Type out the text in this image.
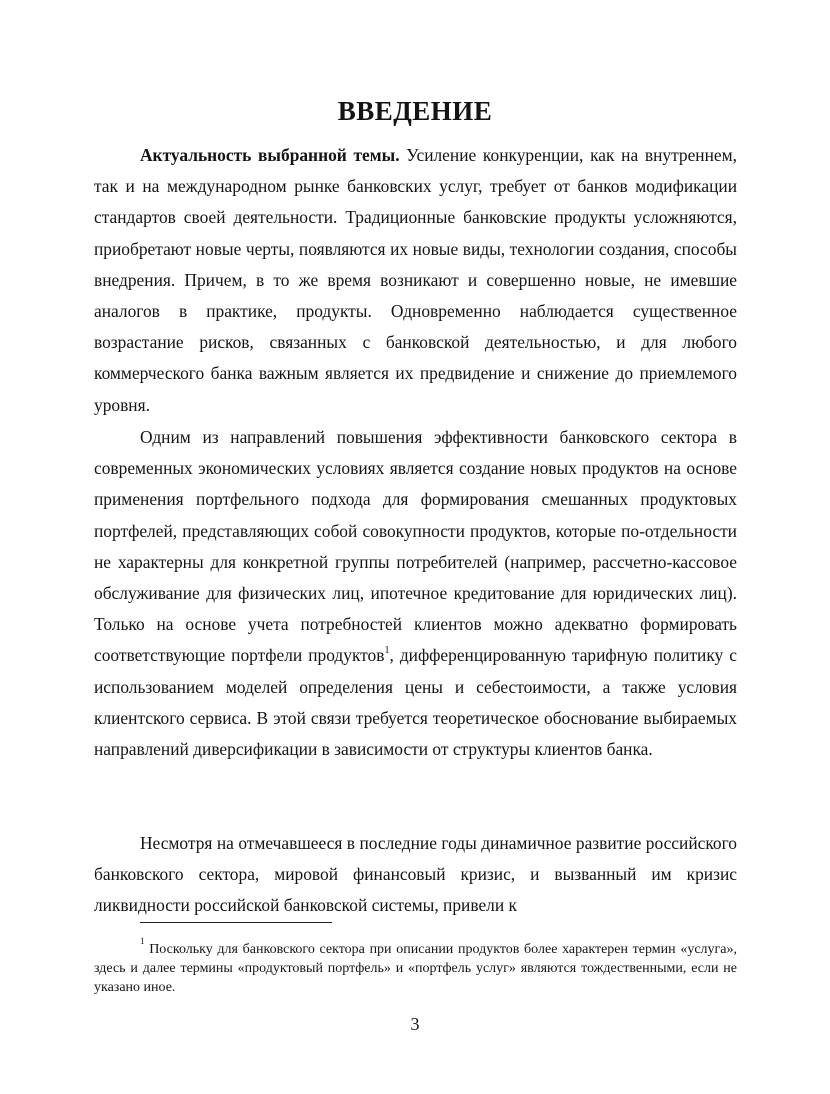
ВВЕДЕНИЕ

Актуальность выбранной темы. Усиление конкуренции, как на внутреннем, так и на международном рынке банковских услуг, требует от банков модификации стандартов своей деятельности. Традиционные банковские продукты усложняются, приобретают новые черты, появляются их новые виды, технологии создания, способы внедрения. Причем, в то же время возникают и совершенно новые, не имевшие аналогов в практике, продукты. Одновременно наблюдается существенное возрастание рисков, связанных с банковской деятельностью, и для любого коммерческого банка важным является их предвидение и снижение до приемлемого уровня.

Одним из направлений повышения эффективности банковского сектора в современных экономических условиях является создание новых продуктов на основе применения портфельного подхода для формирования смешанных продуктовых портфелей, представляющих собой совокупности продуктов, которые по-отдельности не характерны для конкретной группы потребителей (например, рассчетно-кассовое обслуживание для физических лиц, ипотечное кредитование для юридических лиц). Только на основе учета потребностей клиентов можно адекватно формировать соответствующие портфели продуктов$^1$, дифференцированную тарифную политику с использованием моделей определения цены и себестоимости, а также условия клиентского сервиса. В этой связи требуется теоретическое обоснование выбираемых направлений диверсификации в зависимости от структуры клиентов банка.

Несмотря на отмечавшееся в последние годы динамичное развитие российского банковского сектора, мировой финансовый кризис, и вызванный им кризис ликвидности российской банковской системы, привели к

$^1$ Поскольку для банковского сектора при описании продуктов более характерен термин «услуга», здесь и далее термины «продуктовый портфель» и «портфель услуг» являются тождественными, если не указано иное.

3
